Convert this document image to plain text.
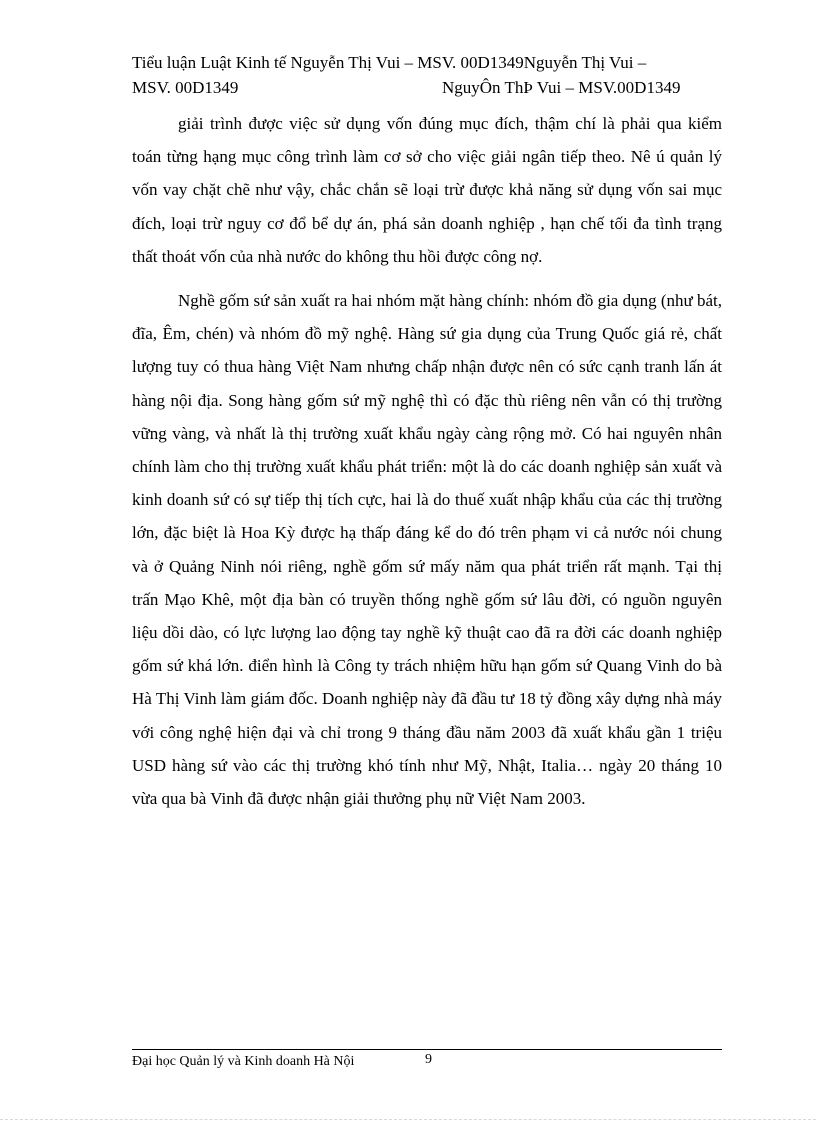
Tiểu luận Luật Kinh tế Nguyễn Thị Vui – MSV. 00D1349Nguyễn Thị Vui –
MSV. 00D1349	NguyÔn ThÞ Vui – MSV.00D1349

giải trình được việc sử dụng vốn đúng mục đích, thậm chí là phải qua kiểm toán từng hạng mục công trình làm cơ sở cho việc giải ngân tiếp theo. Nê ú quản lý vốn vay chặt chẽ như vậy, chắc chắn sẽ loại trừ được khả năng sử dụng vốn sai mục đích, loại trừ nguy cơ đổ bể dự án, phá sản doanh nghiệp , hạn chế tối đa tình trạng thất thoát vốn của nhà nước do không thu hồi được công nợ.

Nghề gốm sứ sản xuất ra hai nhóm mặt hàng chính: nhóm đồ gia dụng (như bát, đĩa, Êm, chén) và nhóm đồ mỹ nghệ. Hàng sứ gia dụng của Trung Quốc giá rẻ, chất lượng tuy có thua hàng Việt Nam nhưng chấp nhận được nên có sức cạnh tranh lấn át hàng nội địa. Song hàng gốm sứ mỹ nghệ thì có đặc thù riêng nên vẫn có thị trường vững vàng, và nhất là thị trường xuất khẩu ngày càng rộng mở. Có hai nguyên nhân chính làm cho thị trường xuất khẩu phát triển: một là do các doanh nghiệp sản xuất và kinh doanh sứ có sự tiếp thị tích cực, hai là do thuế xuất nhập khẩu của các thị trường lớn, đặc biệt là Hoa Kỳ được hạ thấp đáng kể do đó trên phạm vi cả nước nói chung và ở Quảng Ninh nói riêng, nghề gốm sứ mấy năm qua phát triển rất mạnh. Tại thị trấn Mạo Khê, một địa bàn có truyền thống nghề gốm sứ lâu đời, có nguồn nguyên liệu dồi dào, có lực lượng lao động tay nghề kỹ thuật cao đã ra đời các doanh nghiệp gốm sứ khá lớn. điển hình là Công ty trách nhiệm hữu hạn gốm sứ Quang Vinh do bà Hà Thị Vinh làm giám đốc. Doanh nghiệp này đã đầu tư 18 tỷ đồng xây dựng nhà máy với công nghệ hiện đại và chỉ trong 9 tháng đầu năm 2003 đã xuất khẩu gần 1 triệu USD hàng sứ vào các thị trường khó tính như Mỹ, Nhật, Italia… ngày 20 tháng 10 vừa qua bà Vinh đã được nhận giải thưởng phụ nữ Việt Nam 2003.

Đại học Quản lý và Kinh doanh Hà Nội	9
